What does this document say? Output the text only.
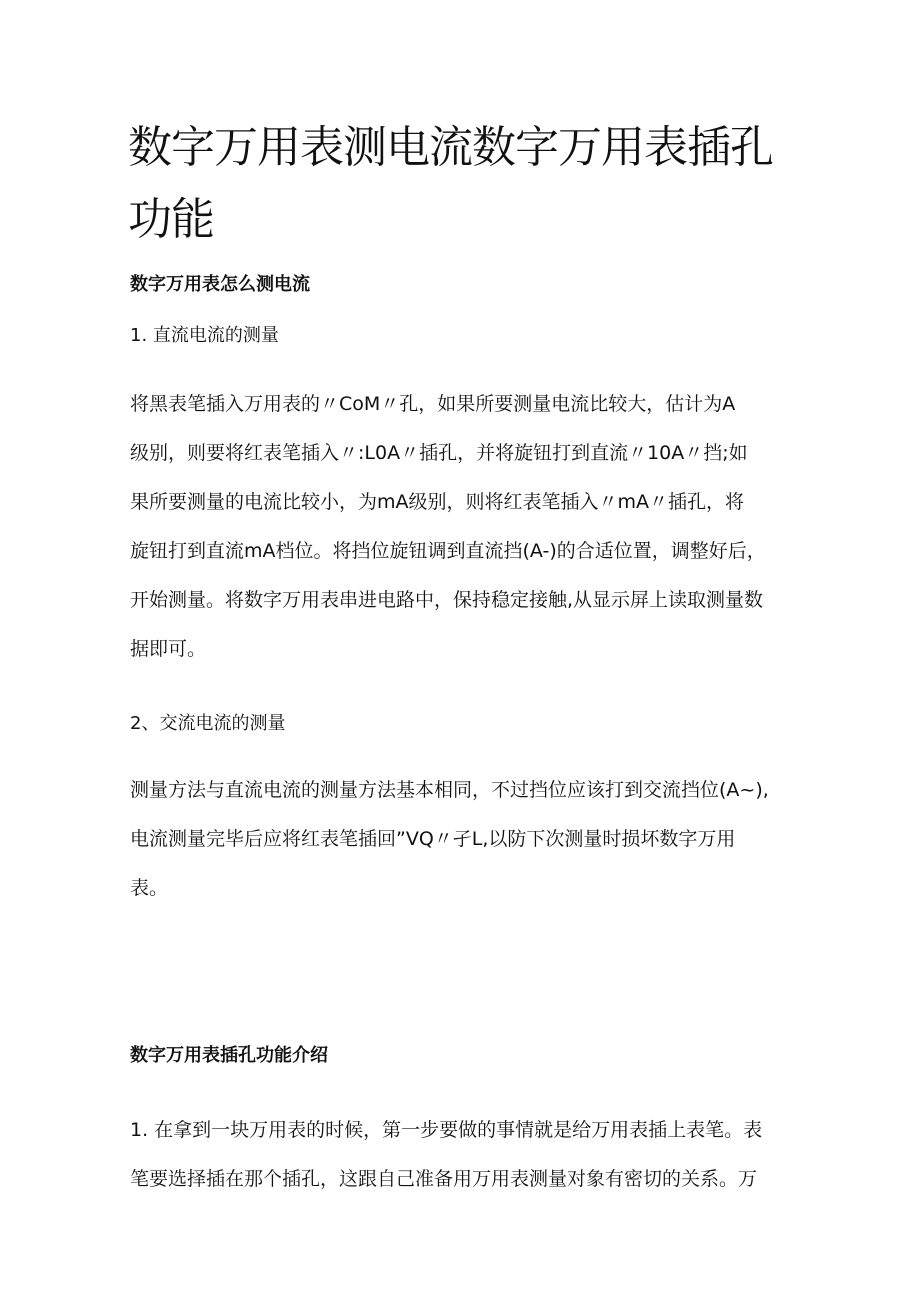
数字万用表测电流数字万用表插孔功能
数字万用表怎么测电流

1. 直流电流的测量

将黑表笔插入万用表的〃CoM〃孔，如果所要测量电流比较大，估计为A
级别，则要将红表笔插入〃:L0A〃插孔，并将旋钮打到直流〃10A〃挡;如
果所要测量的电流比较小，为mA级别，则将红表笔插入〃mA〃插孔，将
旋钮打到直流mA档位。将挡位旋钮调到直流挡(A-)的合适位置，调整好后，
开始测量。将数字万用表串进电路中，保持稳定接触,从显示屏上读取测量数
据即可。

2、交流电流的测量

测量方法与直流电流的测量方法基本相同，不过挡位应该打到交流挡位(A~),
电流测量完毕后应将红表笔插回”VQ〃孑L,以防下次测量时损坏数字万用
表。

数字万用表插孔功能介绍

1. 在拿到一块万用表的时候，第一步要做的事情就是给万用表插上表笔。表
笔要选择插在那个插孔，这跟自己准备用万用表测量对象有密切的关系。万
